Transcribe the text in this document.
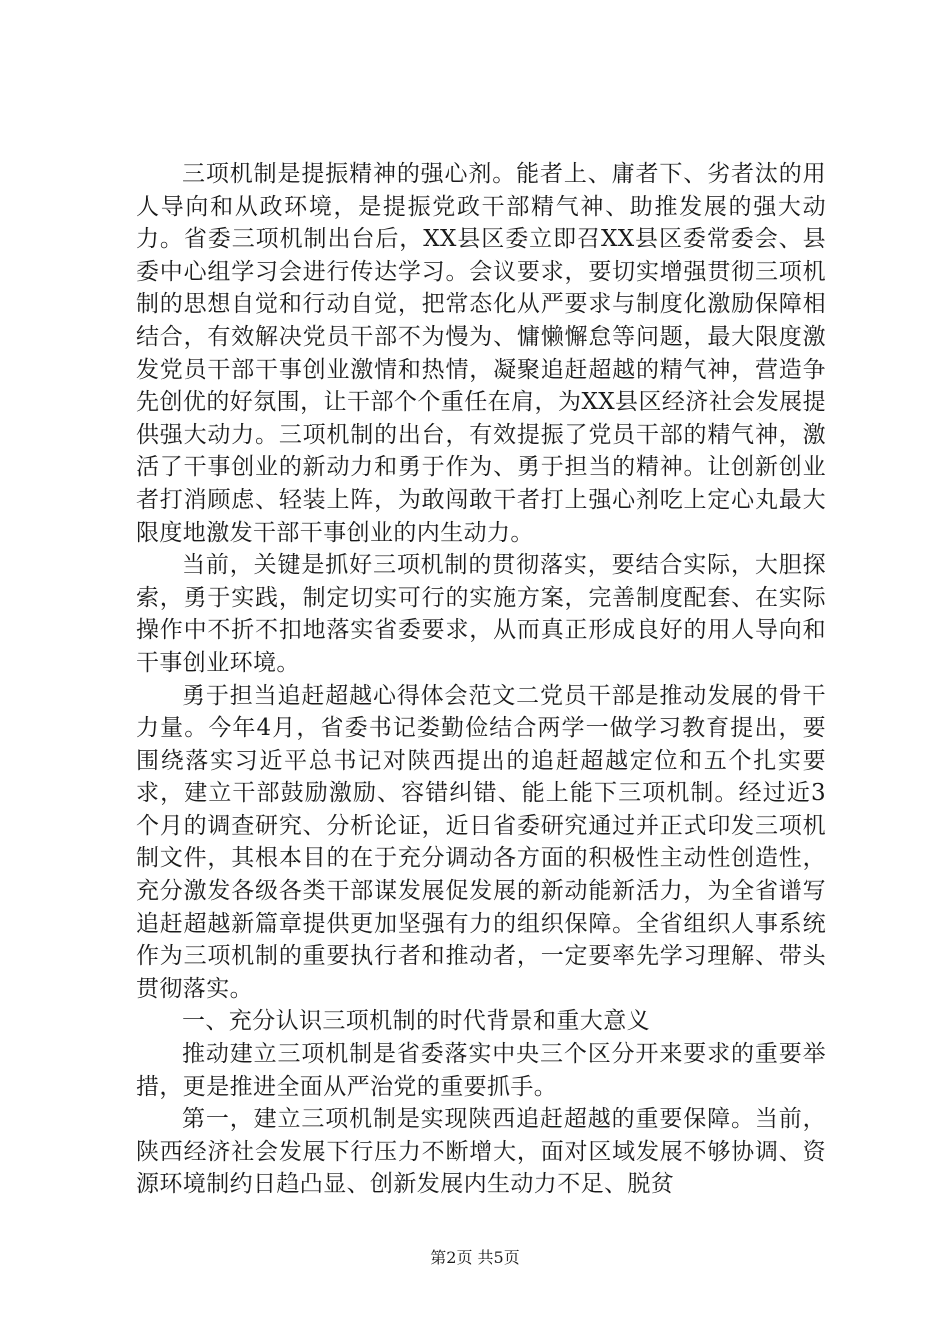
三项机制是提振精神的强心剂。能者上、庸者下、劣者汰的用人导向和从政环境，是提振党政干部精气神、助推发展的强大动力。省委三项机制出台后，XX县区委立即召XX县区委常委会、县委中心组学习会进行传达学习。会议要求，要切实增强贯彻三项机制的思想自觉和行动自觉，把常态化从严要求与制度化激励保障相结合，有效解决党员干部不为慢为、慵懒懈怠等问题，最大限度激发党员干部干事创业激情和热情，凝聚追赶超越的精气神，营造争先创优的好氛围，让干部个个重任在肩，为XX县区经济社会发展提供强大动力。三项机制的出台，有效提振了党员干部的精气神，激活了干事创业的新动力和勇于作为、勇于担当的精神。让创新创业者打消顾虑、轻装上阵，为敢闯敢干者打上强心剂吃上定心丸最大限度地激发干部干事创业的内生动力。

当前，关键是抓好三项机制的贯彻落实，要结合实际，大胆探索，勇于实践，制定切实可行的实施方案，完善制度配套、在实际操作中不折不扣地落实省委要求，从而真正形成良好的用人导向和干事创业环境。

勇于担当追赶超越心得体会范文二党员干部是推动发展的骨干力量。今年4月，省委书记娄勤俭结合两学一做学习教育提出，要围绕落实习近平总书记对陕西提出的追赶超越定位和五个扎实要求，建立干部鼓励激励、容错纠错、能上能下三项机制。经过近3个月的调查研究、分析论证，近日省委研究通过并正式印发三项机制文件，其根本目的在于充分调动各方面的积极性主动性创造性，充分激发各级各类干部谋发展促发展的新动能新活力，为全省谱写追赶超越新篇章提供更加坚强有力的组织保障。全省组织人事系统作为三项机制的重要执行者和推动者，一定要率先学习理解、带头贯彻落实。

一、充分认识三项机制的时代背景和重大意义

推动建立三项机制是省委落实中央三个区分开来要求的重要举措，更是推进全面从严治党的重要抓手。

第一，建立三项机制是实现陕西追赶超越的重要保障。当前，陕西经济社会发展下行压力不断增大，面对区域发展不够协调、资源环境制约日趋凸显、创新发展内生动力不足、脱贫

第2页 共5页
